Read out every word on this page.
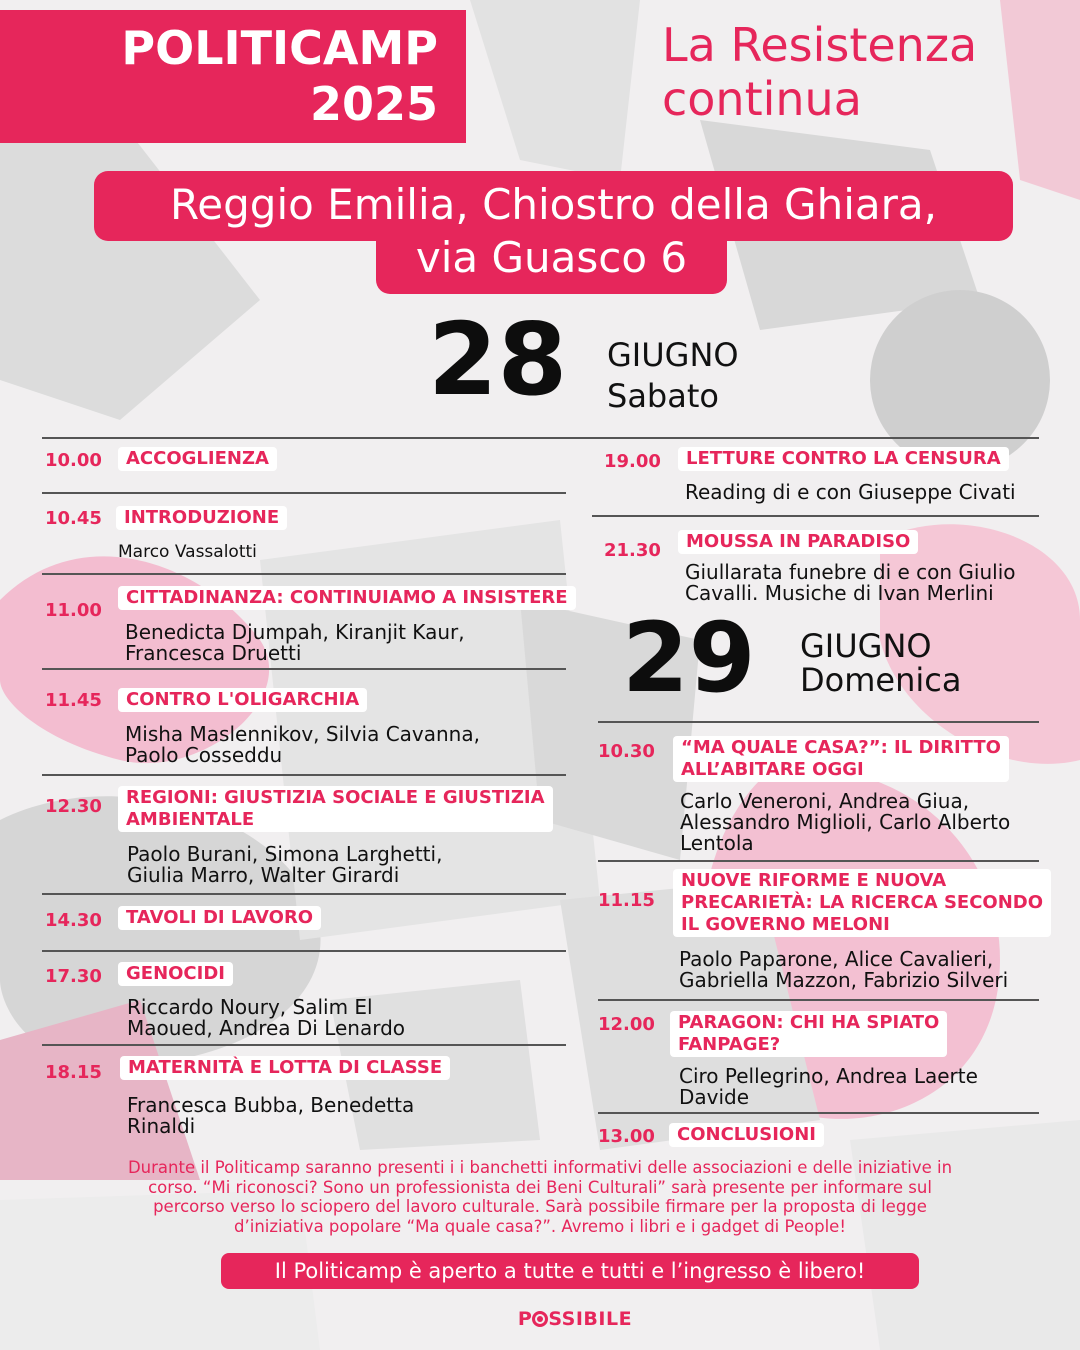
POLITICAMP
2025
La Resistenza
continua
Reggio Emilia, Chiostro della Ghiara,
via Guasco 6
28 GIUGNO
Sabato
10.00	ACCOGLIENZA
10.45	INTRODUZIONE
Marco Vassalotti
11.00
CITTADINANZA: CONTINUIAMO A INSISTERE
Benedicta Djumpah, Kiranjit Kaur,
Francesca Druetti
11.45	CONTRO L'OLIGARCHIA
Misha Maslennikov, Silvia Cavanna,
Paolo Cosseddu
12.30 REGIONI: GIUSTIZIA SOCIALE E GIUSTIZIA
AMBIENTALE
Paolo Burani, Simona Larghetti,
Giulia Marro, Walter Girardi
14.30	TAVOLI DI LAVORO
17.30	GENOCIDI
Riccardo Noury, Salim El
Maoued, Andrea Di Lenardo
18.15	MATERNITÀ E LOTTA DI CLASSE
Francesca Bubba, Benedetta
Rinaldi
19.00	LETTURE CONTRO LA CENSURA
Reading di e con Giuseppe Civati
21.30	MOUSSA IN PARADISO
Giullarata funebre di e con Giulio
Cavalli. Musiche di Ivan Merlini
29 GIUGNO
Domenica
10.30 “MA QUALE CASA?”: IL DIRITTO
ALL’ABITARE OGGI
Carlo Veneroni, Andrea Giua,
Alessandro Miglioli, Carlo Alberto
Lentola
11.15
NUOVE RIFORME E NUOVA
PRECARIETÀ: LA RICERCA SECONDO
IL GOVERNO MELONI
Paolo Paparone, Alice Cavalieri,
Gabriella Mazzon, Fabrizio Silveri
12.00 PARAGON: CHI HA SPIATO
FANPAGE?
Ciro Pellegrino, Andrea Laerte
Davide
13.00	CONCLUSIONI
Durante il Politicamp saranno presenti i i banchetti informativi delle associazioni e delle iniziative in
corso. “Mi riconosci? Sono un professionista dei Beni Culturali” sarà presente per informare sul
percorso verso lo sciopero del lavoro culturale. Sarà possibile firmare per la proposta di legge
d’iniziativa popolare “Ma quale casa?”. Avremo i libri e i gadget di People!
Il Politicamp è aperto a tutte e tutti e l’ingresso è libero!
P SSIBILE
